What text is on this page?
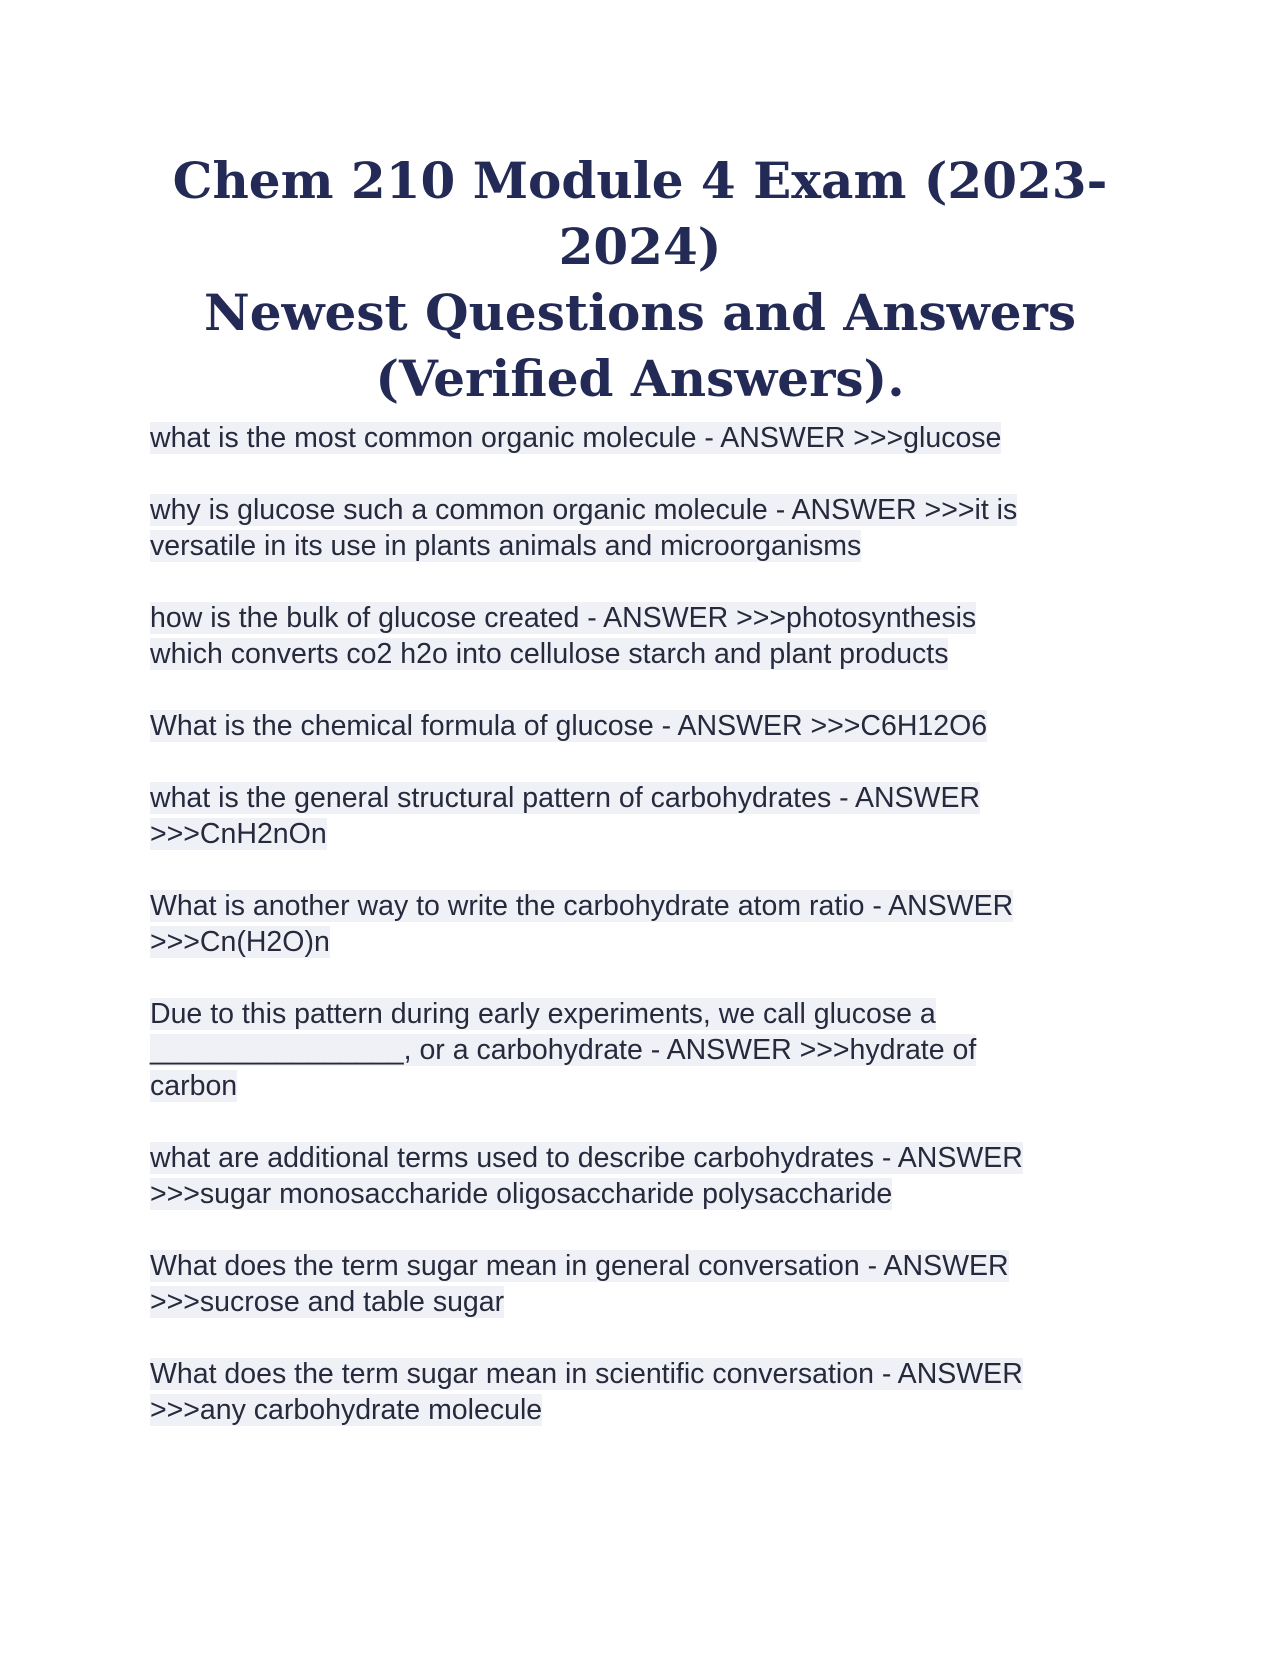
Chem 210 Module 4 Exam (2023-2024)
Newest Questions and Answers
(Verified Answers).

what is the most common organic molecule - ANSWER >>>glucose

why is glucose such a common organic molecule - ANSWER >>>it is
versatile in its use in plants animals and microorganisms

how is the bulk of glucose created - ANSWER >>>photosynthesis
which converts co2 h2o into cellulose starch and plant products

What is the chemical formula of glucose - ANSWER >>>C6H12O6

what is the general structural pattern of carbohydrates - ANSWER
>>>CnH2nOn

What is another way to write the carbohydrate atom ratio - ANSWER
>>>Cn(H2O)n

Due to this pattern during early experiments, we call glucose a
________________, or a carbohydrate - ANSWER >>>hydrate of
carbon

what are additional terms used to describe carbohydrates - ANSWER
>>>sugar monosaccharide oligosaccharide polysaccharide

What does the term sugar mean in general conversation - ANSWER
>>>sucrose and table sugar

What does the term sugar mean in scientific conversation - ANSWER
>>>any carbohydrate molecule
